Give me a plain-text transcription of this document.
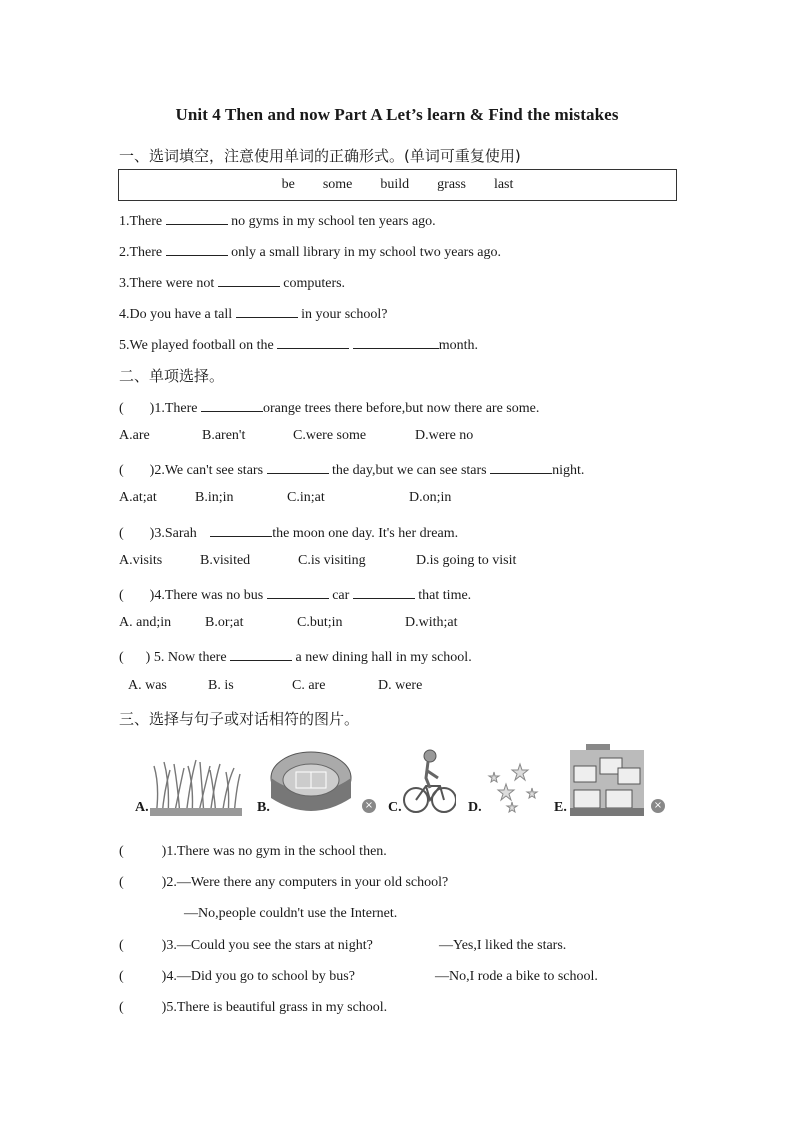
Unit 4 Then and now Part A Let’s learn & Find the mistakes
一、选词填空，注意使用单词的正确形式。(单词可重复使用)
be some build grass last
1.There	no gyms in my school ten years ago.
2.There	only a small library in my school two years ago.
3.There were not	computers.
4.Do you have a tall	in your school?
5.We played football on the	month.
二、单项选择。
( )1.There	orange trees there before,but now there are some.
A.are	B.aren't	C.were some	D.were no
( )2.We can't see stars	the day,but we can see stars	night.
A.at;at	B.in;in	C.in;at	D.on;in
( )3.Sarah	the moon one day. It's her dream.
A.visits	B.visited	C.is visiting	D.is going to visit
( )4.There was no bus	car	that time.
A. and;in B.or;at	C.but;in	D.with;at
( ) 5. Now there	a new dining hall in my school.
A. was	B. is	C. are	D. were
三、选择与句子或对话相符的图片。
A.	B.	× C.	D.	E.	×
(	)1.There was no gym in the school then.
(	)2.—Were there any computers in your old school?
—No,people couldn't use the Internet.
(	)3.—Could you see the stars at night?	—Yes,I liked the stars.
(	)4.—Did you go to school by bus?	—No,I rode a bike to school.
(	)5.There is beautiful grass in my school.
